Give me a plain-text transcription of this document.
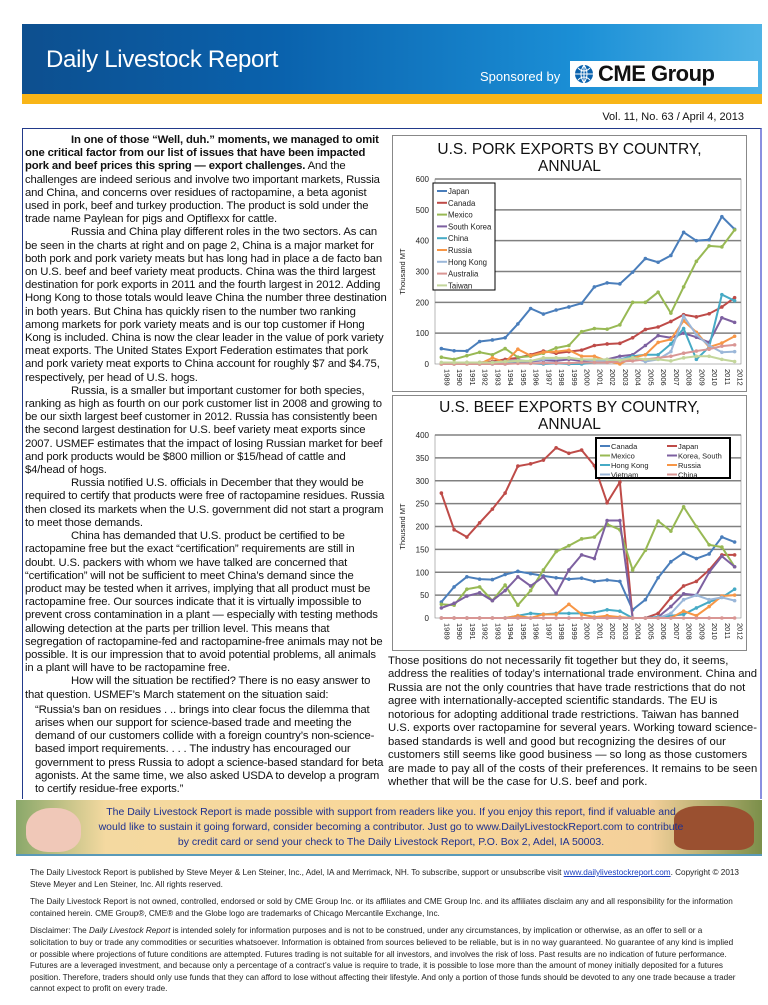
Daily Livestock Report
Sponsored by CME Group
Vol. 11, No. 63 / April 4, 2013

In one of those “Well, duh.” moments, we managed to omit one critical factor from our list of issues that have been impacted pork and beef prices this spring — export challenges. And the challenges are indeed serious and involve two important markets, Russia and China, and concerns over residues of ractopamine, a beta agonist used in pork, beef and turkey production. The product is sold under the trade name Paylean for pigs and Optiflexx for cattle.

Russia and China play different roles in the two sectors. As can be seen in the charts at right and on page 2, China is a major market for both pork and pork variety meats but has long had in place a de facto ban on U.S. beef and beef variety meat products. China was the third largest destination for pork exports in 2011 and the fourth largest in 2012. Adding Hong Kong to those totals would leave China the number three destination in both years. But China has quickly risen to the number two ranking among markets for pork variety meats and is our top customer if Hong Kong is included. China is now the clear leader in the value of pork variety meat exports. The United States Export Federation estimates that pork and pork variety meat exports to China account for roughly $7 and $4.75, respectively, per head of U.S. hogs.

Russia, is a smaller but important customer for both species, ranking as high as fourth on our pork customer list in 2008 and growing to be our sixth largest beef customer in 2012. Russia has consistently been the second largest destination for U.S. beef variety meat exports since 2007. USMEF estimates that the impact of losing Russian market for beef and pork products would be $800 million or $15/head of cattle and $4/head of hogs.

Russia notified U.S. officials in December that they would be required to certify that products were free of ractopamine residues. Russia then closed its markets when the U.S. government did not start a program to meet those demands.

China has demanded that U.S. product be certified to be ractopamine free but the exact “certification” requirements are still in doubt. U.S. packers with whom we have talked are concerned that “certification” will not be sufficient to meet China’s demand since the product may be tested when it arrives, implying that all product must be ractopamine free. Our sources indicate that it is virtually impossible to prevent cross contamination in a plant — especially with testing methods allowing detection at the parts per trillion level. This means that segregation of ractopamine-fed and ractopamine-free animals may not be possible. It is our impression that to avoid potential problems, all animals in a plant will have to be ractopamine free.

How will the situation be rectified? There is no easy answer to that question. USMEF’s March statement on the situation said:

“Russia’s ban on residues . .. brings into clear focus the dilemma that arises when our support for science-based trade and meeting the demand of our customers collide with a foreign country’s non-science-based import requirements. . . . The industry has encouraged our government to press Russia to adopt a science-based standard for beta agonists. At the same time, we also asked USDA to develop a program to certify residue-free exports.”

U.S. PORK EXPORTS BY COUNTRY,
ANNUAL
0
100
200
300
400
500
600
Thousand MT
1989 1990 1991 1992 1993 1994 1995 1996 1997 1998 1999 2000 2001 2002 2003 2004 2005 2006 2007 2008 2009 2010 2011 2012
Japan
Canada
Mexico
South Korea
China
Russia
Hong Kong
Australia
Taiwan
U.S. BEEF EXPORTS BY COUNTRY,
ANNUAL
0
50
100
150
200
250
300
350
400
Thousand MT
1989 1990 1991 1992 1993 1994 1995 1996 1997 1998 1999 2000 2001 2002 2003 2004 2005 2006 2007 2008 2009 2010 2011 2012
Canada	Japan
Mexico	Korea, South
Hong Kong	Russia
Vietnam	China

Those positions do not necessarily fit together but they do, it seems, address the realities of today’s international trade environment. China and Russia are not the only countries that have trade restrictions that do not agree with internationally-accepted scientific standards. The EU is notorious for adopting additional trade restrictions. Taiwan has banned U.S. exports over ractopamine for several years. Working toward science-based standards is well and good but recognizing the desires of our customers still seems like good business — so long as those customers are made to pay all of the costs of their preferences. It remains to be seen whether that will be the case for U.S. beef and pork.

The Daily Livestock Report is made possible with support from readers like you. If you enjoy this report, find if valuable and would like to sustain it going forward, consider becoming a contributor. Just go to www.DailyLivestockReport.com to contribute by credit card or send your check to The Daily Livestock Report, P.O. Box 2, Adel, IA 50003.

The Daily Livestock Report is published by Steve Meyer & Len Steiner, Inc., Adel, IA and Merrimack, NH. To subscribe, support or unsubscribe visit www.dailylivestockreport.com. Copyright © 2013 Steve Meyer and Len Steiner, Inc. All rights reserved.

The Daily Livestock Report is not owned, controlled, endorsed or sold by CME Group Inc. or its affiliates and CME Group Inc. and its affiliates disclaim any and all responsibility for the information contained herein. CME Group®, CME® and the Globe logo are trademarks of Chicago Mercantile Exchange, Inc.

Disclaimer: The Daily Livestock Report is intended solely for information purposes and is not to be construed, under any circumstances, by implication or otherwise, as an offer to sell or a solicitation to buy or trade any commodities or securities whatsoever. Information is obtained from sources believed to be reliable, but is in no way guaranteed. No guarantee of any kind is implied or possible where projections of future conditions are attempted. Futures trading is not suitable for all investors, and involves the risk of loss. Past results are no indication of future performance. Futures are a leveraged investment, and because only a percentage of a contract’s value is require to trade, it is possible to lose more than the amount of money initially deposited for a futures position. Therefore, traders should only use funds that they can afford to lose without affecting their lifestyle. And only a portion of those funds should be devoted to any one trade because a trader cannot expect to profit on every trade.
